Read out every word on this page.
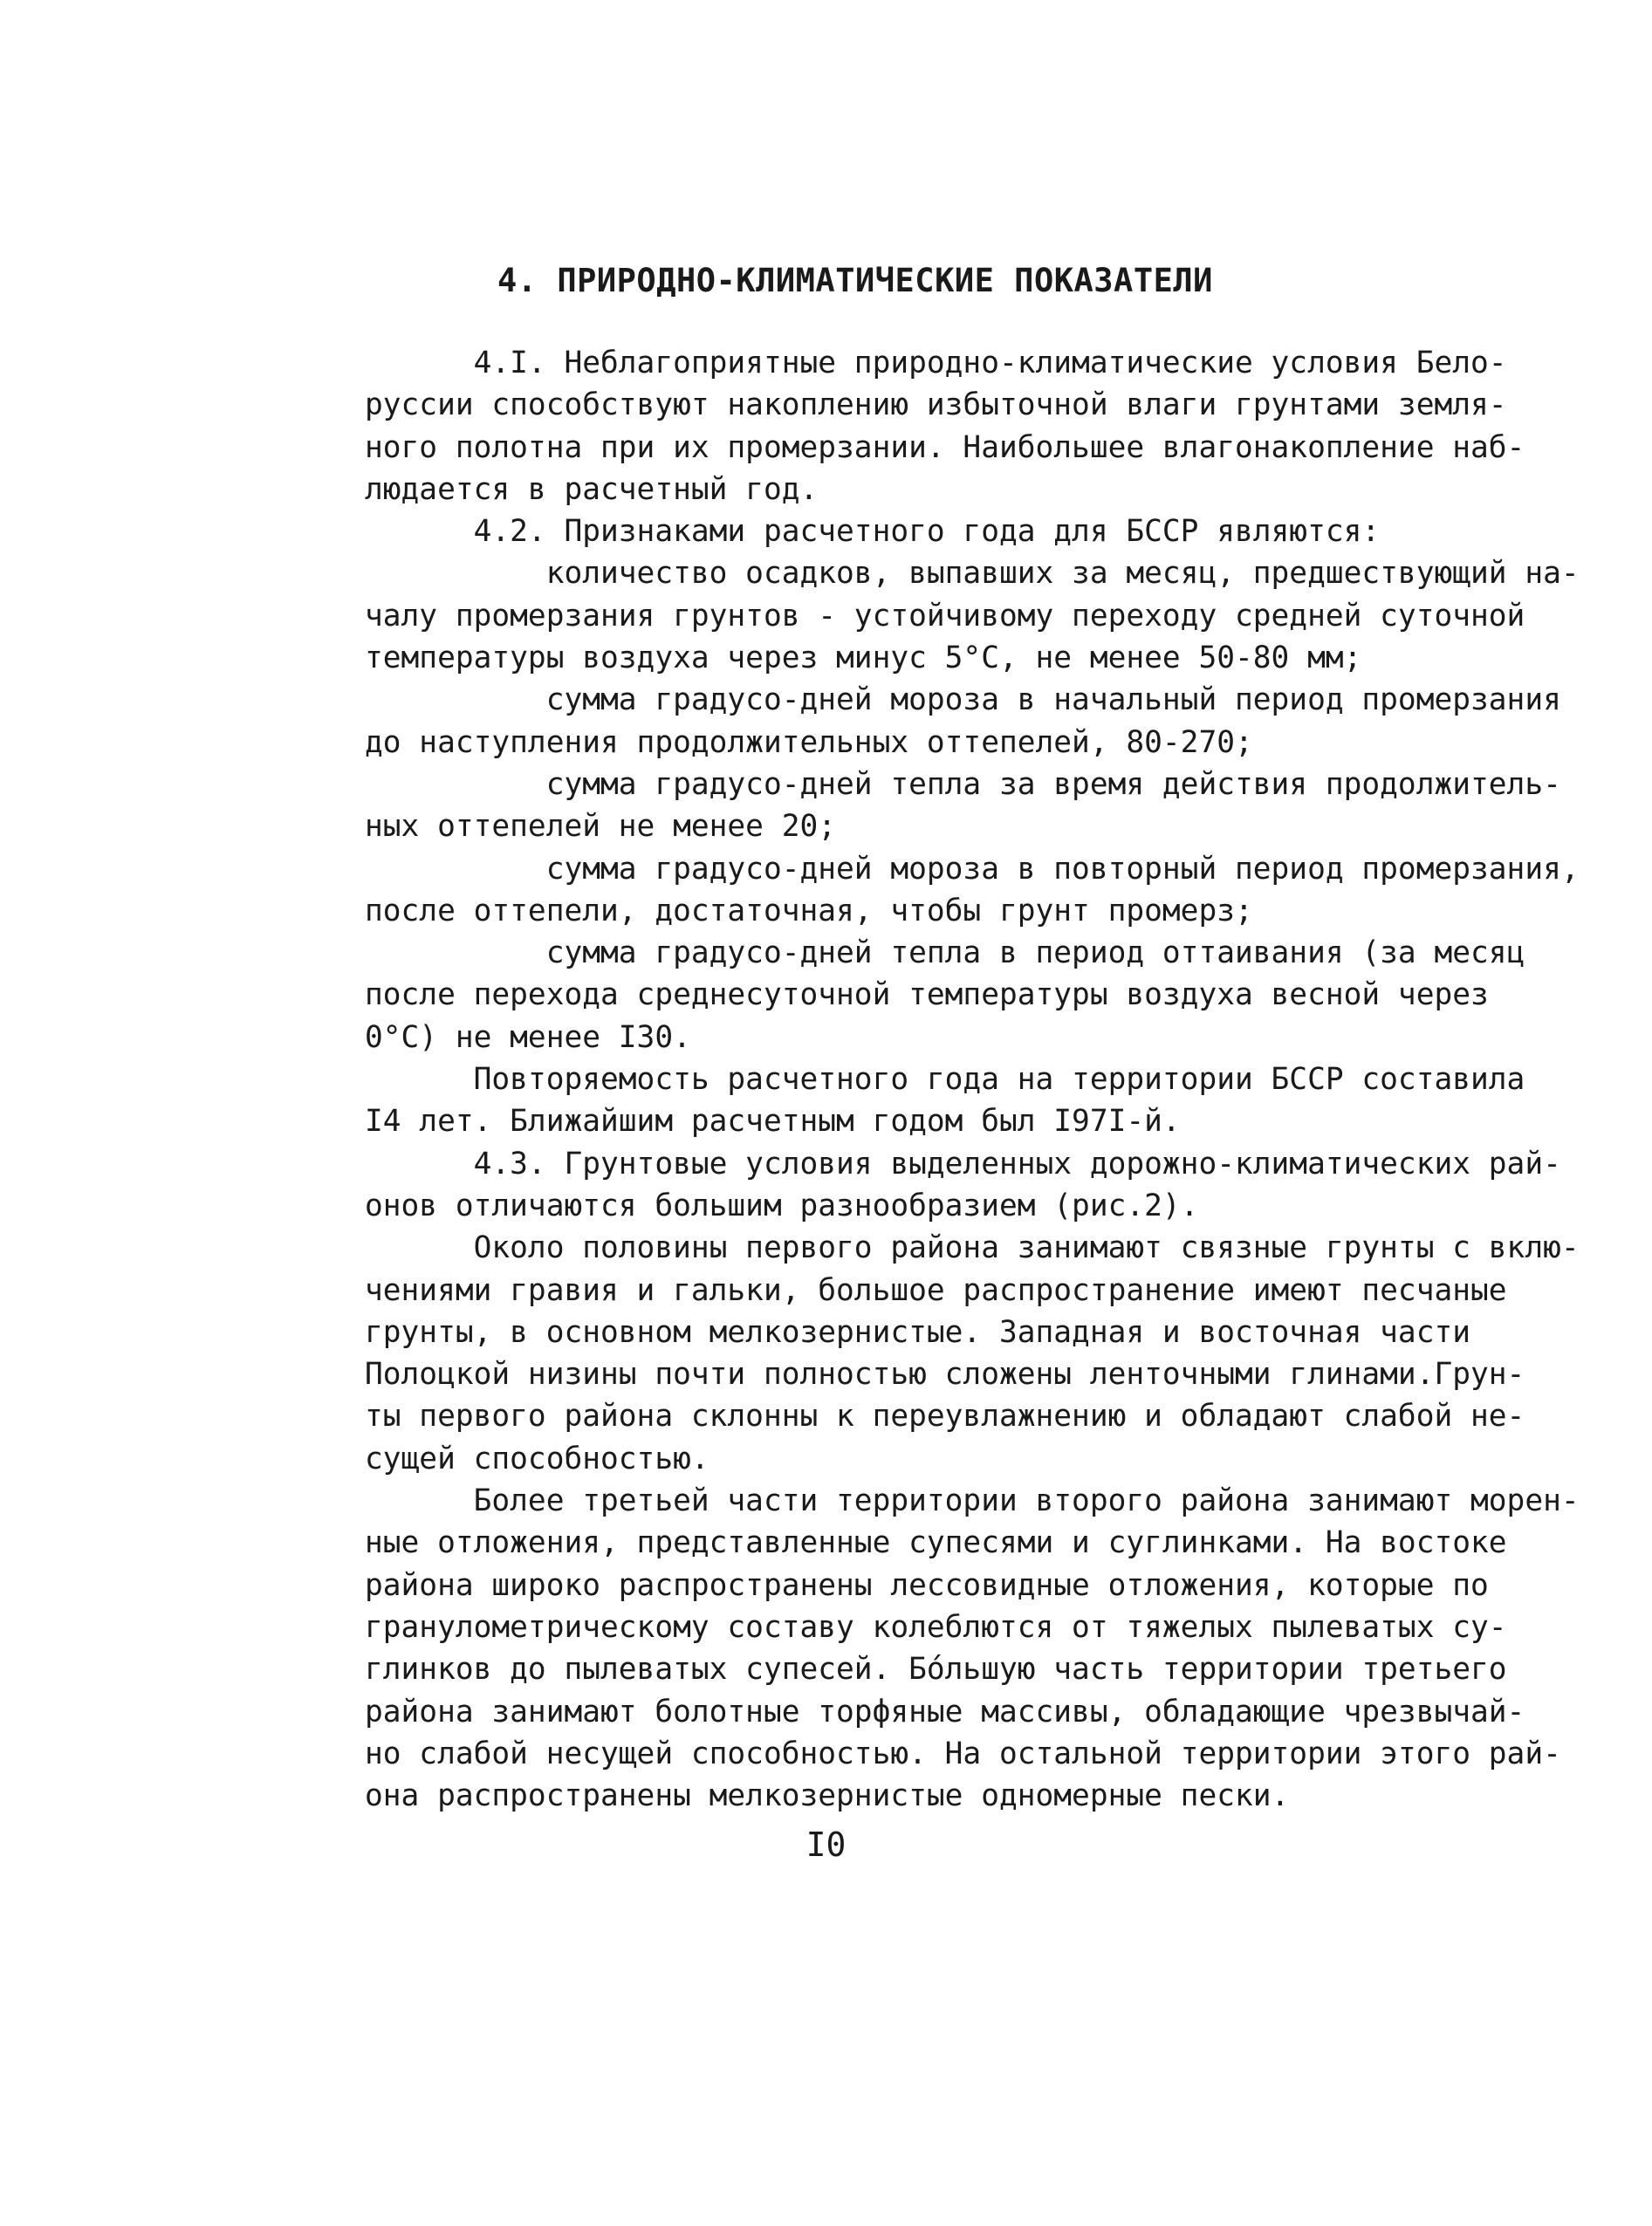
4. ПРИРОДНО-КЛИМАТИЧЕСКИЕ ПОКАЗАТЕЛИ
4.I. Неблагоприятные природно-климатические условия Бело-
руссии способствуют накоплению избыточной влаги грунтами земля-
ного полотна при их промерзании. Наибольшее влагонакопление наб-
людается в расчетный год.
4.2. Признаками расчетного года для БССР являются:
количество осадков, выпавших за месяц, предшествующий на-
чалу промерзания грунтов - устойчивому переходу средней суточной
температуры воздуха через минус 5°С, не менее 50-80 мм;
сумма градусо-дней мороза в начальный период промерзания
до наступления продолжительных оттепелей, 80-270;
сумма градусо-дней тепла за время действия продолжитель-
ных оттепелей не менее 20;
сумма градусо-дней мороза в повторный период промерзания,
после оттепели, достаточная, чтобы грунт промерз;
сумма градусо-дней тепла в период оттаивания (за месяц
после перехода среднесуточной температуры воздуха весной через
0°С) не менее I30.
Повторяемость расчетного года на территории БССР составила
I4 лет. Ближайшим расчетным годом был I97I-й.
4.3. Грунтовые условия выделенных дорожно-климатических рай-
онов отличаются большим разнообразием (рис.2).
Около половины первого района занимают связные грунты с вклю-
чениями гравия и гальки, большое распространение имеют песчаные
грунты, в основном мелкозернистые. Западная и восточная части
Полоцкой низины почти полностью сложены ленточными глинами.Грун-
ты первого района склонны к переувлажнению и обладают слабой не-
сущей способностью.
Более третьей части территории второго района занимают морен-
ные отложения, представленные супесями и суглинками. На востоке
района широко распространены лессовидные отложения, которые по
гранулометрическому составу колеблются от тяжелых пылеватых су-
глинков до пылеватых супесей. Бо́льшую часть территории третьего
района занимают болотные торфяные массивы, обладающие чрезвычай-
но слабой несущей способностью. На остальной территории этого рай-
она распространены мелкозернистые одномерные пески.
I0
